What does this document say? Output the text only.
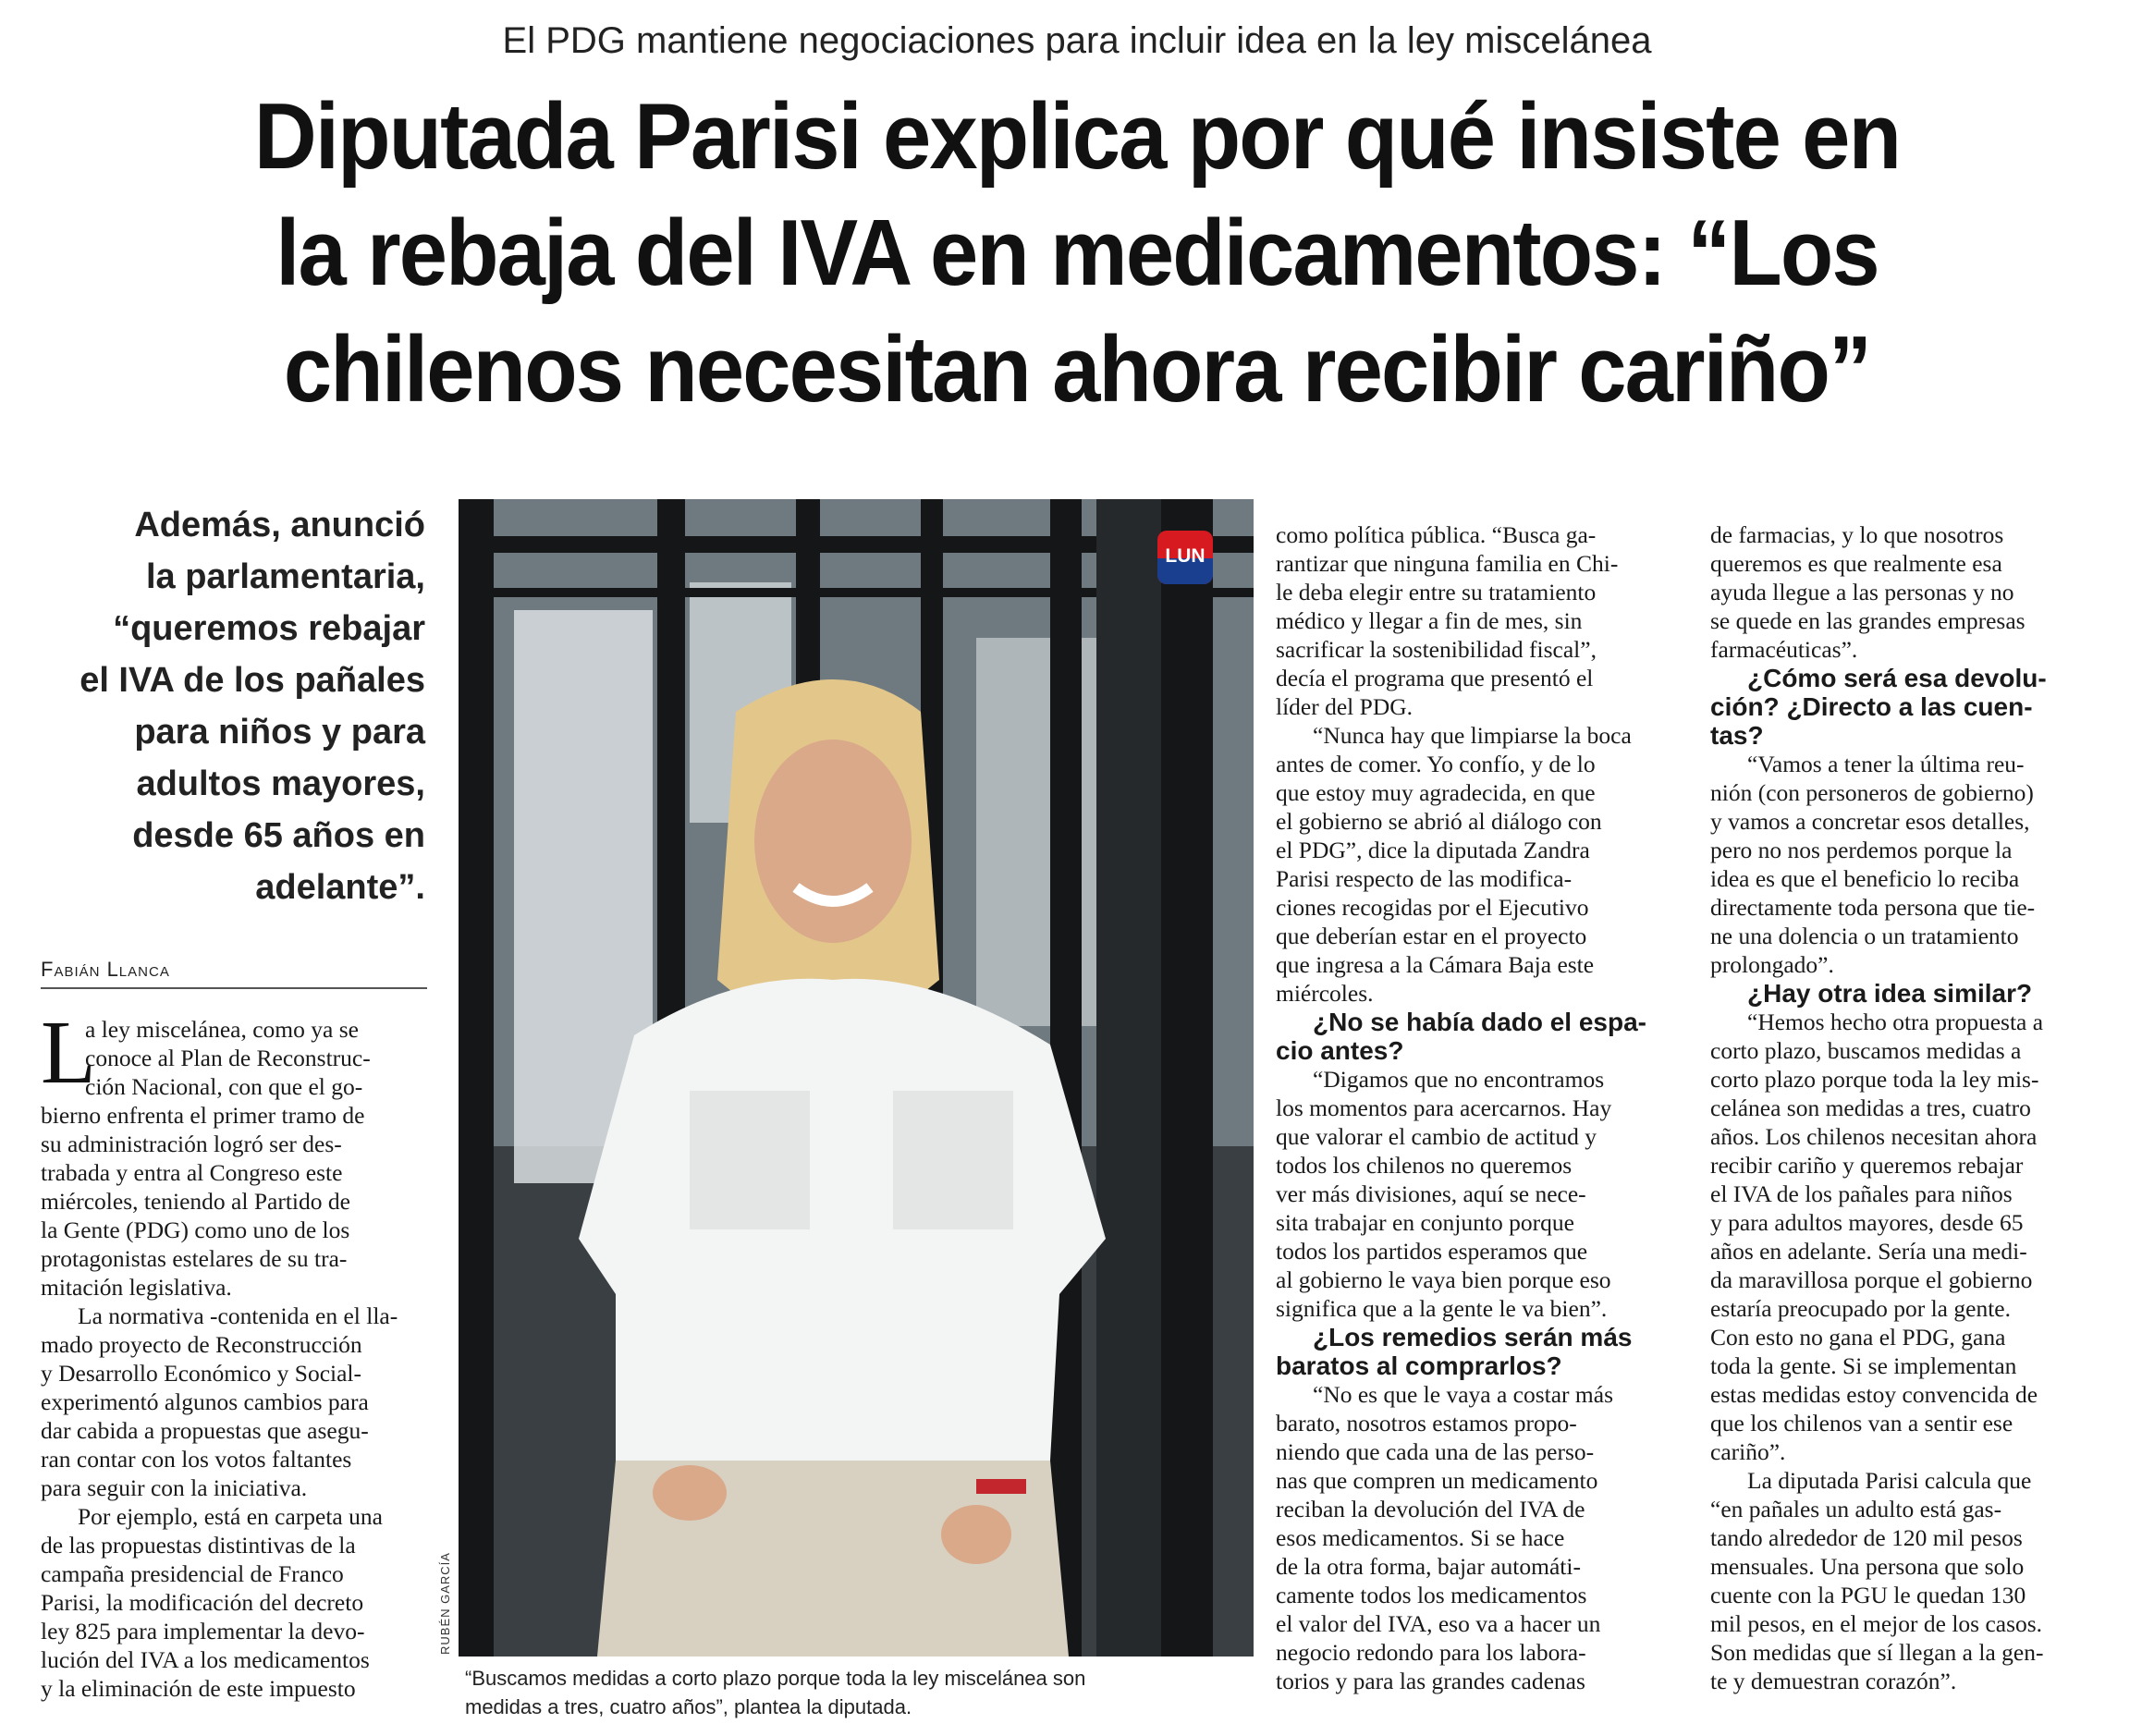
El PDG mantiene negociaciones para incluir idea en la ley miscelánea
Diputada Parisi explica por qué insiste en
la rebaja del IVA en medicamentos: “Los
chilenos necesitan ahora recibir cariño”
Además, anunció
la parlamentaria,
“queremos rebajar
el IVA de los pañales
para niños y para
adultos mayores,
desde 65 años en
adelante”.
Fabián Llanca
L
a ley miscelánea, como ya se
conoce al Plan de Reconstruc-
ción Nacional, con que el go-
bierno enfrenta el primer tramo de
su administración logró ser des-
trabada y entra al Congreso este
miércoles, teniendo al Partido de
la Gente (PDG) como uno de los
protagonistas estelares de su tra-
mitación legislativa.
La normativa -contenida en el lla-
mado proyecto de Reconstrucción
y Desarrollo Económico y Social-
experimentó algunos cambios para
dar cabida a propuestas que asegu-
ran contar con los votos faltantes
para seguir con la iniciativa.
Por ejemplo, está en carpeta una
de las propuestas distintivas de la
campaña presidencial de Franco
Parisi, la modificación del decreto
ley 825 para implementar la devo-
lución del IVA a los medicamentos
y la eliminación de este impuesto
LUN
RUBÉN GARCÍA
“Buscamos medidas a corto plazo porque toda la ley miscelánea son
medidas a tres, cuatro años”, plantea la diputada.
como política pública. “Busca ga-
rantizar que ninguna familia en Chi-
le deba elegir entre su tratamiento
médico y llegar a fin de mes, sin
sacrificar la sostenibilidad fiscal”,
decía el programa que presentó el
líder del PDG.
“Nunca hay que limpiarse la boca
antes de comer. Yo confío, y de lo
que estoy muy agradecida, en que
el gobierno se abrió al diálogo con
el PDG”, dice la diputada Zandra
Parisi respecto de las modifica-
ciones recogidas por el Ejecutivo
que deberían estar en el proyecto
que ingresa a la Cámara Baja este
miércoles.
¿No se había dado el espa-
cio antes?
“Digamos que no encontramos
los momentos para acercarnos. Hay
que valorar el cambio de actitud y
todos los chilenos no queremos
ver más divisiones, aquí se nece-
sita trabajar en conjunto porque
todos los partidos esperamos que
al gobierno le vaya bien porque eso
significa que a la gente le va bien”.
¿Los remedios serán más
baratos al comprarlos?
“No es que le vaya a costar más
barato, nosotros estamos propo-
niendo que cada una de las perso-
nas que compren un medicamento
reciban la devolución del IVA de
esos medicamentos. Si se hace
de la otra forma, bajar automáti-
camente todos los medicamentos
el valor del IVA, eso va a hacer un
negocio redondo para los labora-
torios y para las grandes cadenas
de farmacias, y lo que nosotros
queremos es que realmente esa
ayuda llegue a las personas y no
se quede en las grandes empresas
farmacéuticas”.
¿Cómo será esa devolu-
ción? ¿Directo a las cuen-
tas?
“Vamos a tener la última reu-
nión (con personeros de gobierno)
y vamos a concretar esos detalles,
pero no nos perdemos porque la
idea es que el beneficio lo reciba
directamente toda persona que tie-
ne una dolencia o un tratamiento
prolongado”.
¿Hay otra idea similar?
“Hemos hecho otra propuesta a
corto plazo, buscamos medidas a
corto plazo porque toda la ley mis-
celánea son medidas a tres, cuatro
años. Los chilenos necesitan ahora
recibir cariño y queremos rebajar
el IVA de los pañales para niños
y para adultos mayores, desde 65
años en adelante. Sería una medi-
da maravillosa porque el gobierno
estaría preocupado por la gente.
Con esto no gana el PDG, gana
toda la gente. Si se implementan
estas medidas estoy convencida de
que los chilenos van a sentir ese
cariño”.
La diputada Parisi calcula que
“en pañales un adulto está gas-
tando alrededor de 120 mil pesos
mensuales. Una persona que solo
cuente con la PGU le quedan 130
mil pesos, en el mejor de los casos.
Son medidas que sí llegan a la gen-
te y demuestran corazón”.
